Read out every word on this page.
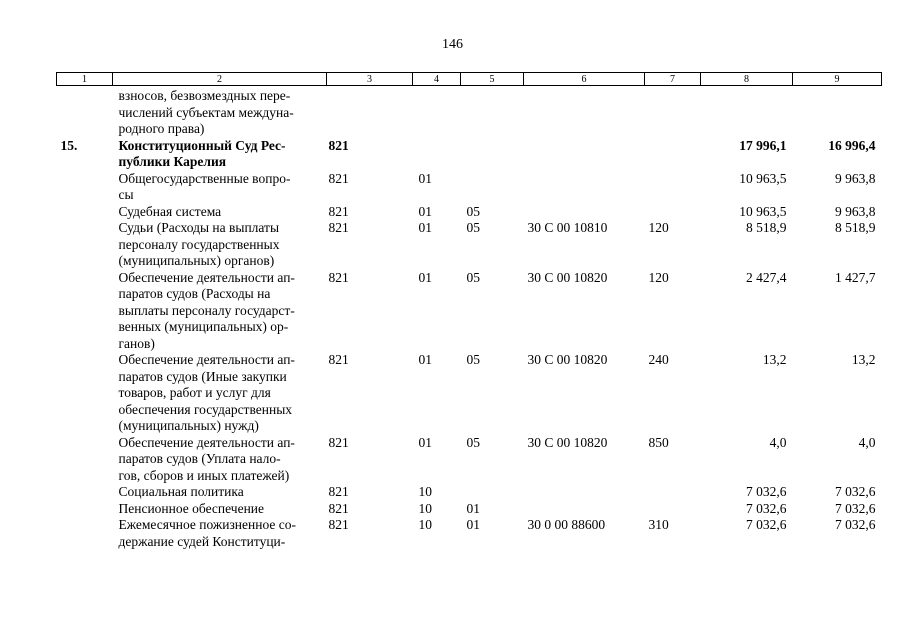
146
1	2	3	4	5	6	7	8	9
	взносов, безвозмездных пере-
числений субъектам междуна-
родного права)							
15.	Конституционный Суд Рес-
публики Карелия	821					17 996,1	16 996,4
	Общегосударственные вопро-
сы	821	01				10 963,5	9 963,8
	Судебная система	821	01	05			10 963,5	9 963,8
	Судьи (Расходы на выплаты
персоналу государственных
(муниципальных) органов)	821	01	05	30 С 00 10810	120	8 518,9	8 518,9
	Обеспечение деятельности ап-
паратов судов (Расходы на
выплаты персоналу государст-
венных (муниципальных) ор-
ганов)	821	01	05	30 С 00 10820	120	2 427,4	1 427,7
	Обеспечение деятельности ап-
паратов судов (Иные закупки
товаров, работ и услуг для
обеспечения государственных
(муниципальных) нужд)	821	01	05	30 С 00 10820	240	13,2	13,2
	Обеспечение деятельности ап-
паратов судов (Уплата нало-
гов, сборов и иных платежей)	821	01	05	30 С 00 10820	850	4,0	4,0
	Социальная политика	821	10				7 032,6	7 032,6
	Пенсионное обеспечение	821	10	01			7 032,6	7 032,6
	Ежемесячное пожизненное со-
держание судей Конституци-	821	10	01	30 0 00 88600	310	7 032,6	7 032,6
